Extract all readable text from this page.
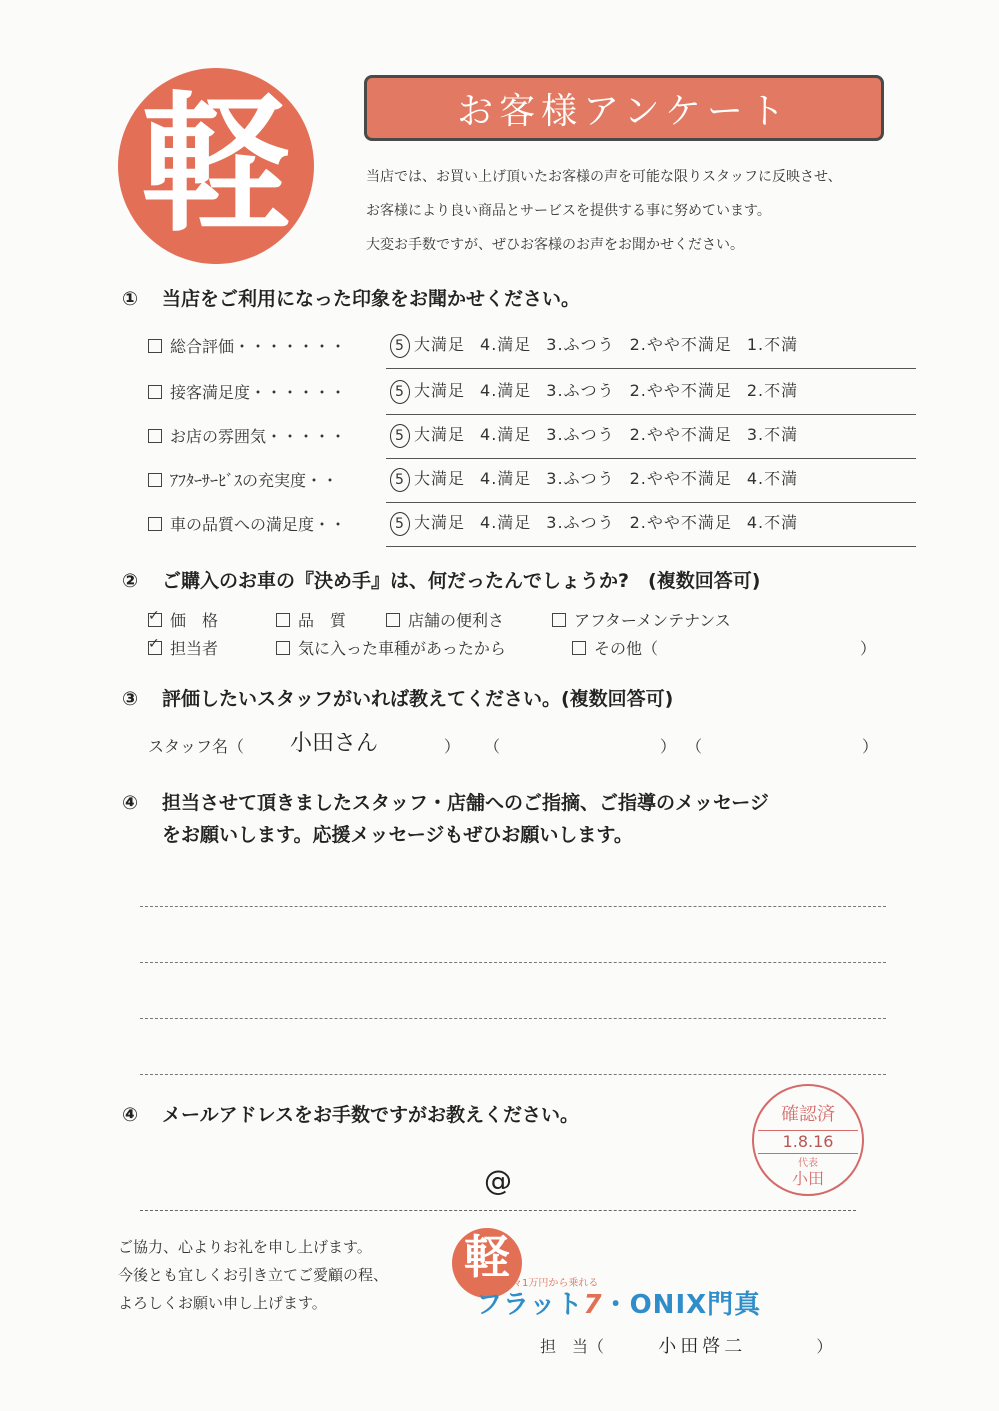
軽	お客様アンケート
当店では、お買い上げ頂いたお客様の声を可能な限りスタッフに反映させ、
お客様により良い商品とサービスを提供する事に努めています。
大変お手数ですが、ぜひお客様のお声をお聞かせください。
① 当店をご利用になった印象をお聞かせください。
総合評価・・・・・・・	5 大満足 4.満足 3.ふつう 2.やや不満足 1.不満
接客満足度・・・・・・	5 大満足 4.満足 3.ふつう 2.やや不満足 2.不満
お店の雰囲気・・・・・	5 大満足 4.満足 3.ふつう 2.やや不満足 3.不満
ｱﾌﾀｰｻｰﾋﾞｽの充実度・・	5 大満足 4.満足 3.ふつう 2.やや不満足 4.不満
車の品質への満足度・・	5 大満足 4.満足 3.ふつう 2.やや不満足 4.不満
② ご購入のお車の『決め手』は、何だったんでしょうか?　(複数回答可)
✓価　格	品　質	店舗の便利さ	アフターメンテナンス
✓担当者	気に入った車種があったから	その他（	）
③ 評価したいスタッフがいれば教えてください。(複数回答可)
スタッフ名（ 小田さん	） （	） （	）
④ 担当させて頂きましたスタッフ・店舗へのご指摘、ご指導のメッセージ
をお願いします。応援メッセージもぜひお願いします。
④ メールアドレスをお手数ですがお教えください。	確認済
1.8.16
代表
小田
@
ご協力、心よりお礼を申し上げます。
今後とも宜しくお引き立てご愛顧の程、
よろしくお願い申し上げます。
軽
月々1万円から乗れる
フラット7・ONIX門真
担　当（	小田啓二	）
